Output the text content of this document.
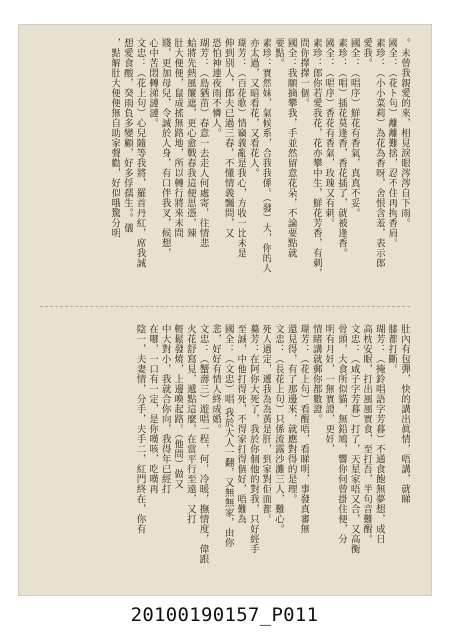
。未曾我親愛的來，相見淚眼涔涔自下雨。
國全：（花ト句）離離難捨，忍不住再拘香肩。
素珍：（小小菜莉）為花為香呀，舍恨含羞，表示郎
愛我。
國全：（唱序）鮮花有香氣，真真不妥。
素珍：（唱）插花莫逢香，香花插了，就被逢香。
國全：（唱序）香花有香氣，玫瑰又有刺。
素珍：郎你若愛我花，花亦攀中生，鮮花芳香，有刺，
問你擇擇一個。
國全：我願摘攀我，手並然留意花朵，不論要點就
要點。
素珍：實然妹，氣候系，合我我係。（發）大，你的人
亦太過，又暗看花，又看花人。
瑚芳：（百花歌）情竊義亂是我心，方收一比未是
伸到別人，郎夫已過三春，不懂情義飄問，又
恐怕神連夜雨不憐人。
瑚芳：（島猶苗）春意一去走人何處寄，往情悲
蛤將先熱風簾遮，更心愈戰春我這便思憑，辣
肚大便便，鼠成搖無路地，所以轉行將來未問
賤，更加母兒，令誠於人身，有口伴我叉，候想，
心中苦悶轉涕漣漣。
文忠：（花上句）心兒隨等我將，羅首丹紅，席我誠
想愛食酸，癸雨負多變顧，好多俘孺生。。儀
，點解肚大便便無自助家聲勸，好似哦驚分明
肚內有包彈，快的講出眞情，唔講，就睇
膝都打斷。
瑚芳：（掩鈴唱語字芳暮）不通食飽無夢想，成日
高枕安眠，打出風風實食，至打吾，半句音難醒。
文忠：（咸子字芳暮）打了，天星家唔又合，又高衡
骨頭，大食所似貓，無鉛鳩，響你何曾掛住便，分
明有月奸，一無實證，更奸，
情睹講就郵你都數證。
瑚芳：（花上句）看醒唔，看睇明，事發真審無
還見得，有了那邊來，就應對得的是理。
文忠：（長花上句）只係流露沙灘三人，難心。
死人過定，遞我為為黃是肝，到家對佢面都。
驀芳：在阿你大死了，我於你個他的對我，只好經手
至誠，中他打得死，不得家打得個好，唔難為
國全：（文忠）唱 我於大人一翻，又無無家，由你
悲，好好有情人終成婚。
文忠：（蟹壽三）遊唱一程，何，冷暖，撫情度，偉跟
火花舒寫見，遞點這麼，在當平行至遠，又打
輕鬆發燒，上邊喚起路。（他問）做又
中大對小，我就合你向，我得年已經打
在哪，一口有一定，是你嘆咳，吃嘆再
陰一，夫妻情，分手，夫手二，紅門終在，你有
20100190157_P011
